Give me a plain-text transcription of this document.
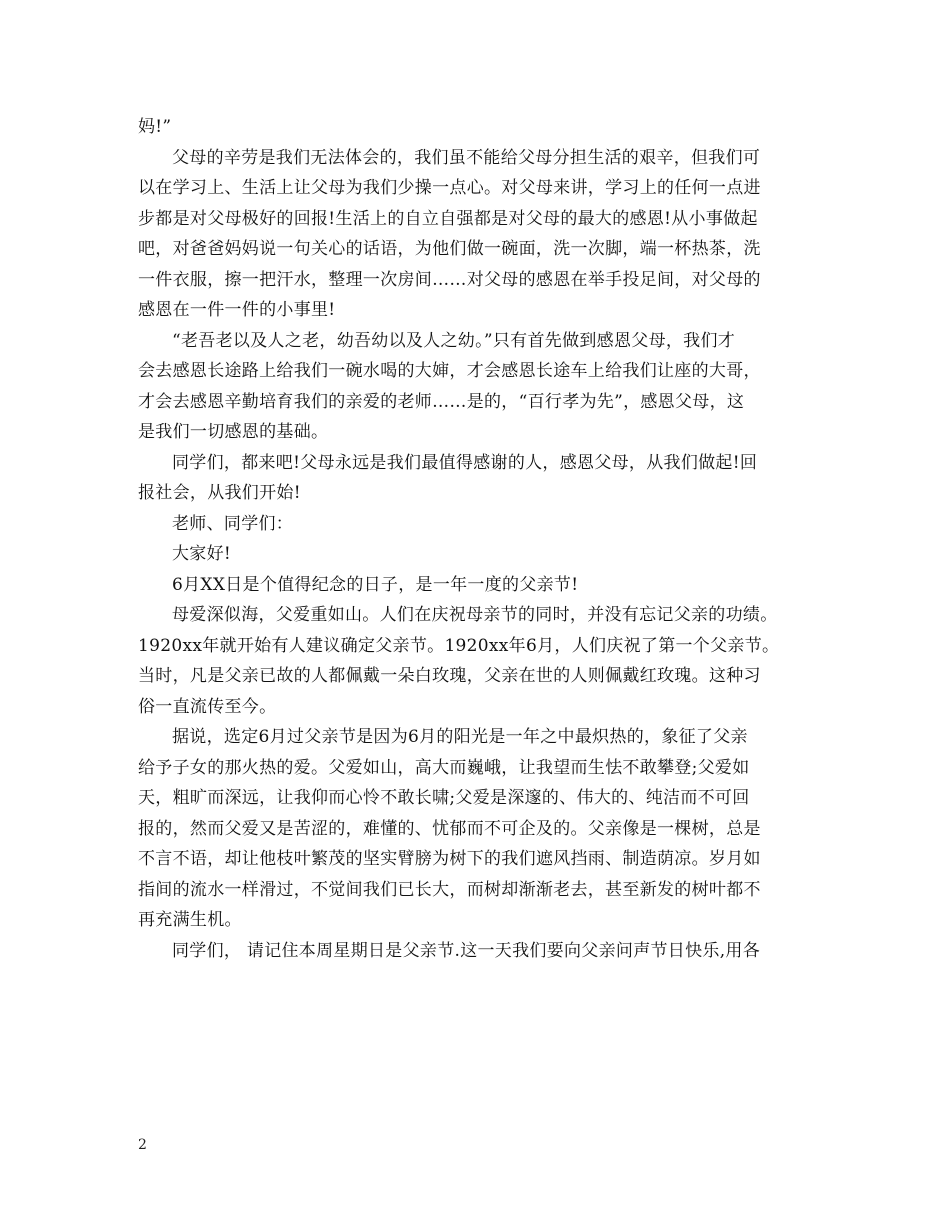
妈!”
父母的辛劳是我们无法体会的，我们虽不能给父母分担生活的艰辛，但我们可
以在学习上、生活上让父母为我们少操一点心。对父母来讲，学习上的任何一点进
步都是对父母极好的回报!生活上的自立自强都是对父母的最大的感恩!从小事做起
吧，对爸爸妈妈说一句关心的话语，为他们做一碗面，洗一次脚，端一杯热茶，洗
一件衣服，擦一把汗水，整理一次房间……对父母的感恩在举手投足间，对父母的
感恩在一件一件的小事里!
“老吾老以及人之老，幼吾幼以及人之幼。”只有首先做到感恩父母，我们才
会去感恩长途路上给我们一碗水喝的大婶，才会感恩长途车上给我们让座的大哥，
才会去感恩辛勤培育我们的亲爱的老师……是的，“百行孝为先”，感恩父母，这
是我们一切感恩的基础。
同学们，都来吧!父母永远是我们最值得感谢的人，感恩父母，从我们做起!回
报社会，从我们开始!
老师、同学们：
大家好!
6月XX日是个值得纪念的日子，是一年一度的父亲节!
母爱深似海，父爱重如山。人们在庆祝母亲节的同时，并没有忘记父亲的功绩。
1920xx年就开始有人建议确定父亲节。1920xx年6月，人们庆祝了第一个父亲节。
当时，凡是父亲已故的人都佩戴一朵白玫瑰，父亲在世的人则佩戴红玫瑰。这种习
俗一直流传至今。
据说，选定6月过父亲节是因为6月的阳光是一年之中最炽热的，象征了父亲
给予子女的那火热的爱。父爱如山，高大而巍峨，让我望而生怯不敢攀登;父爱如
天，粗旷而深远，让我仰而心怜不敢长啸;父爱是深邃的、伟大的、纯洁而不可回
报的，然而父爱又是苦涩的，难懂的、忧郁而不可企及的。父亲像是一棵树，总是
不言不语，却让他枝叶繁茂的坚实臂膀为树下的我们遮风挡雨、制造荫凉。岁月如
指间的流水一样滑过，不觉间我们已长大，而树却渐渐老去，甚至新发的树叶都不
再充满生机。
同学们， 请记住本周星期日是父亲节.这一天我们要向父亲问声节日快乐,用各
2
